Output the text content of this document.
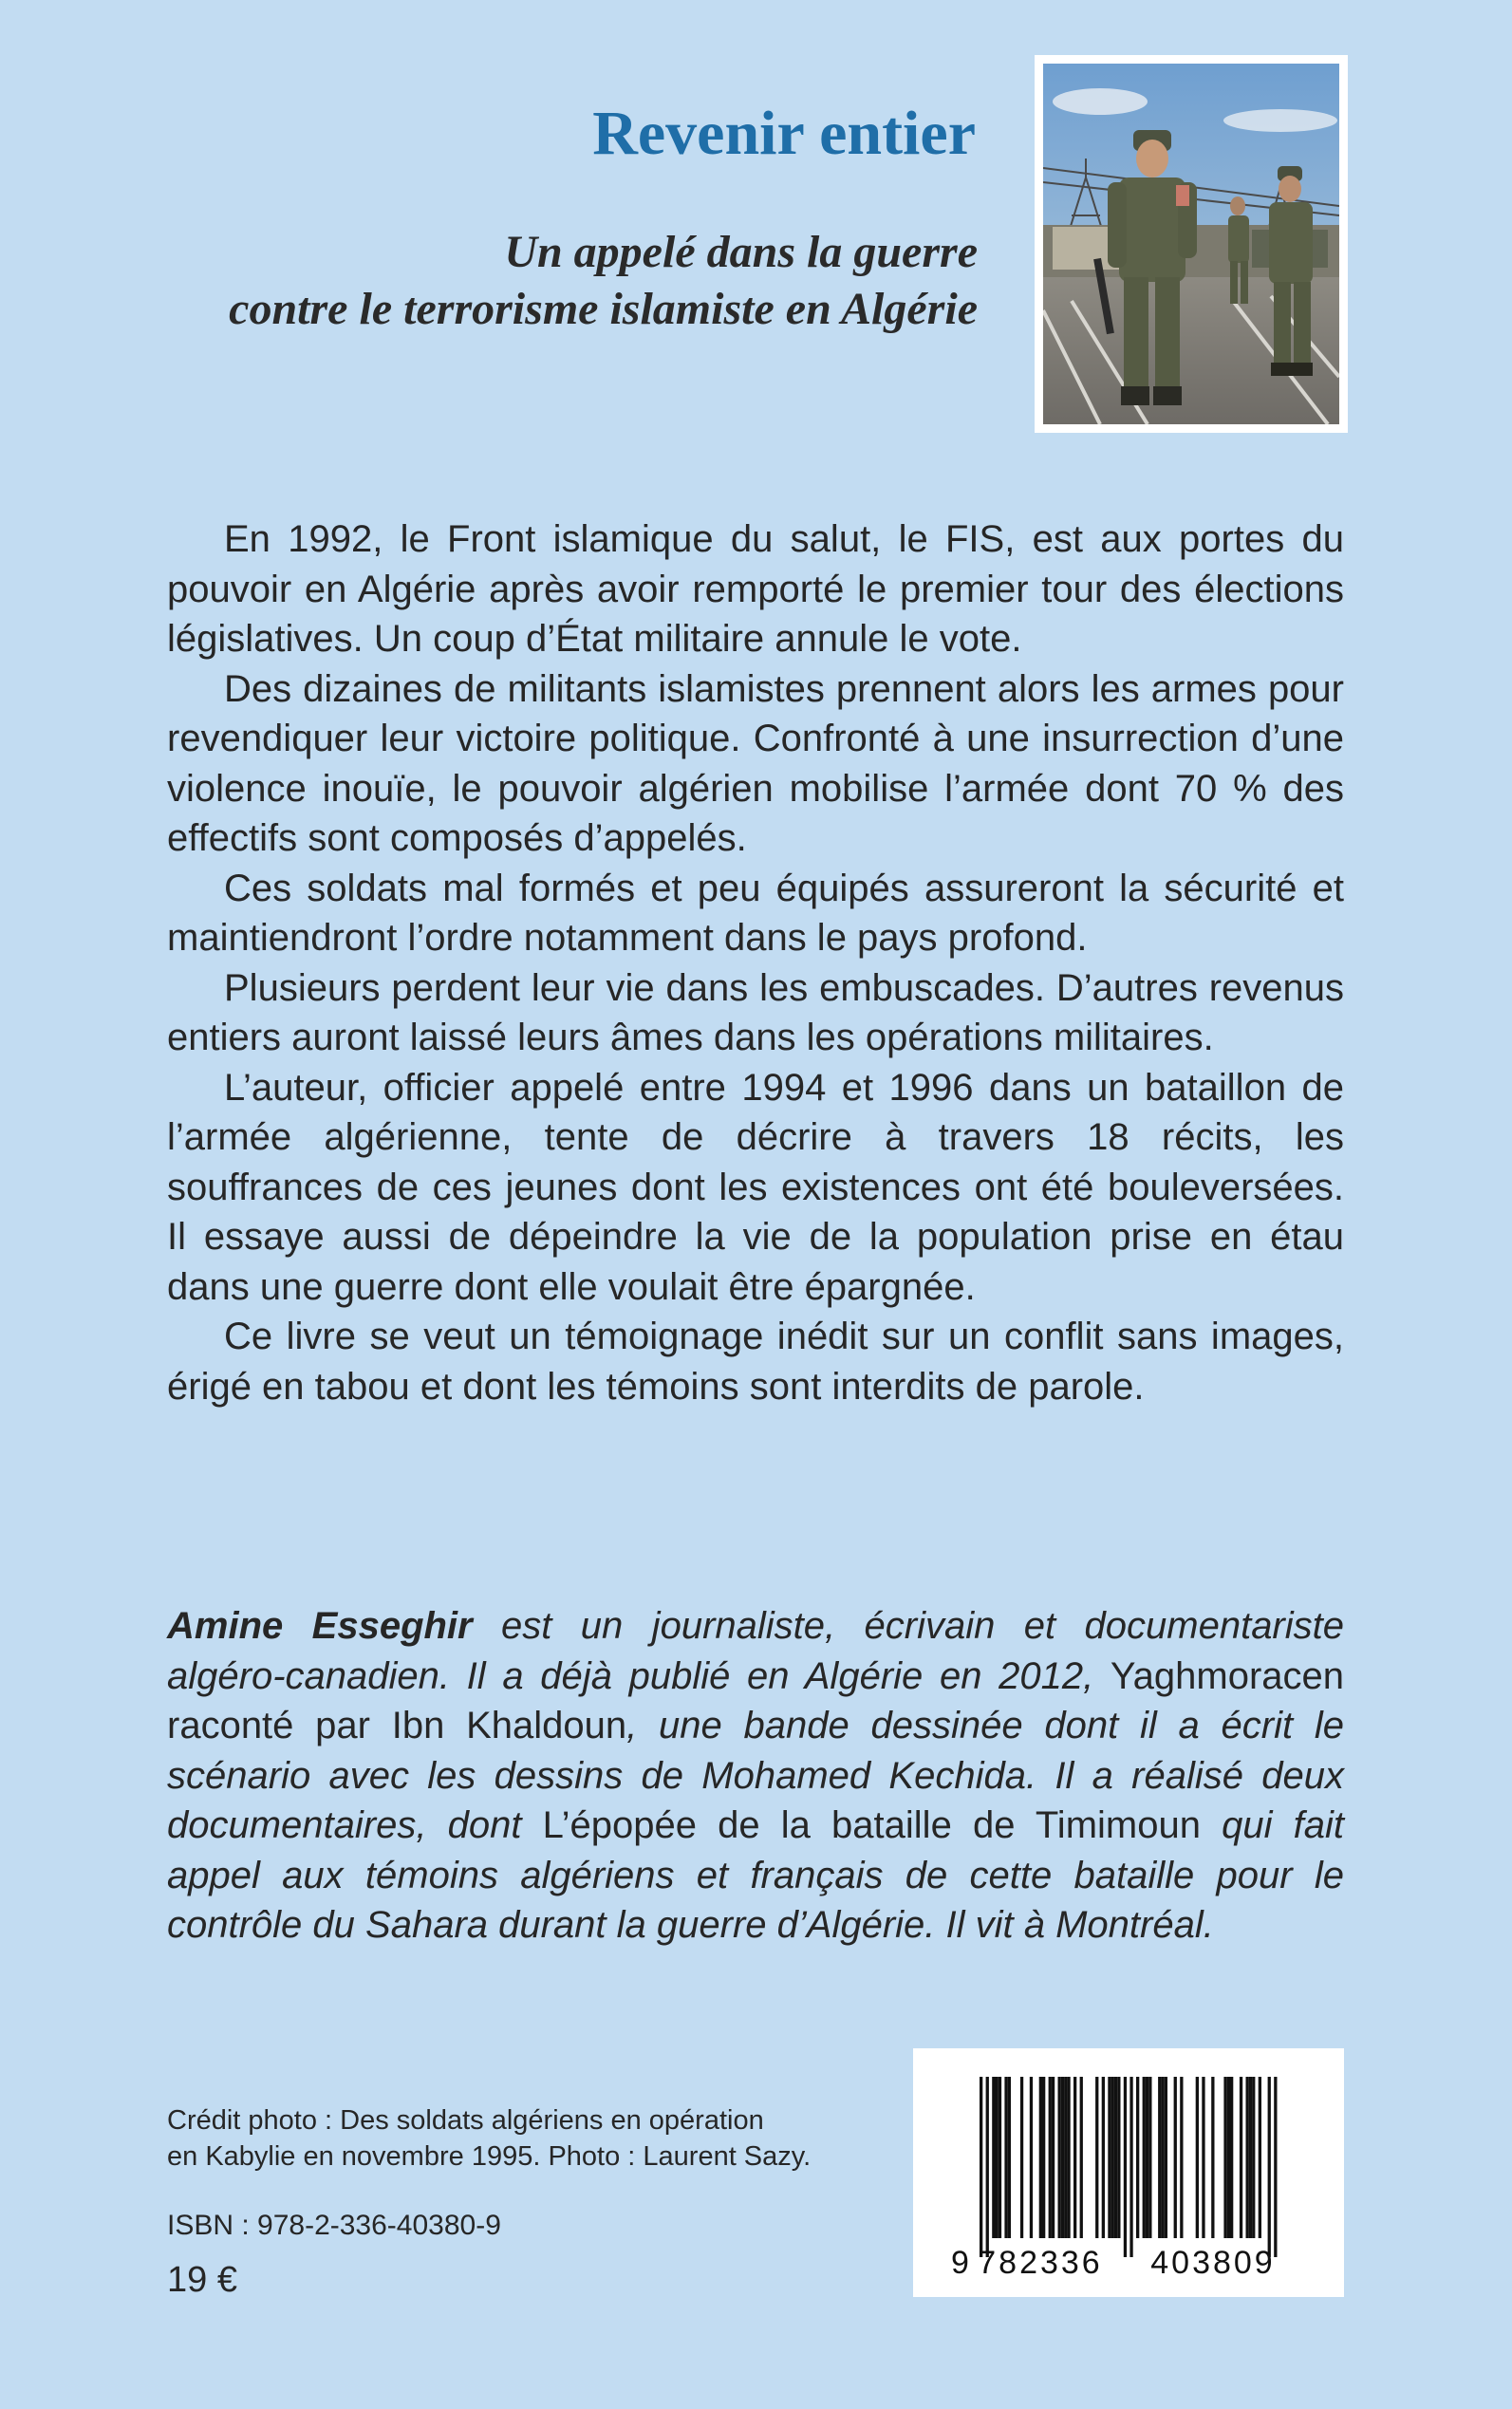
Revenir entier
Un appelé dans la guerre
contre le terrorisme islamiste en Algérie

En 1992, le Front islamique du salut, le FIS, est aux portes du pouvoir en Algérie après avoir remporté le premier tour des élections législatives. Un coup d’État militaire annule le vote.

Des dizaines de militants islamistes prennent alors les armes pour revendiquer leur victoire politique. Confronté à une insurrection d’une violence inouïe, le pouvoir algérien mobilise l’armée dont 70 % des effectifs sont composés d’appelés.

Ces soldats mal formés et peu équipés assureront la sécurité et maintiendront l’ordre notamment dans le pays profond.

Plusieurs perdent leur vie dans les embuscades. D’autres revenus entiers auront laissé leurs âmes dans les opérations militaires.

L’auteur, officier appelé entre 1994 et 1996 dans un bataillon de l’armée algérienne, tente de décrire à travers 18 récits, les souffrances de ces jeunes dont les existences ont été bouleversées. Il essaye aussi de dépeindre la vie de la population prise en étau dans une guerre dont elle voulait être épargnée.

Ce livre se veut un témoignage inédit sur un conflit sans images, érigé en tabou et dont les témoins sont interdits de parole.

Amine Esseghir est un journaliste, écrivain et documentariste algéro-canadien. Il a déjà publié en Algérie en 2012, Yaghmoracen raconté par Ibn Khaldoun, une bande dessinée dont il a écrit le scénario avec les dessins de Mohamed Kechida. Il a réalisé deux documentaires, dont L’épopée de la bataille de Timimoun qui fait appel aux témoins algériens et français de cette bataille pour le contrôle du Sahara durant la guerre d’Algérie. Il vit à Montréal.
Crédit photo : Des soldats algériens en opération
en Kabylie en novembre 1995. Photo : Laurent Sazy.
ISBN : 978-2-336-40380-9
19 €	9 782336 403809
